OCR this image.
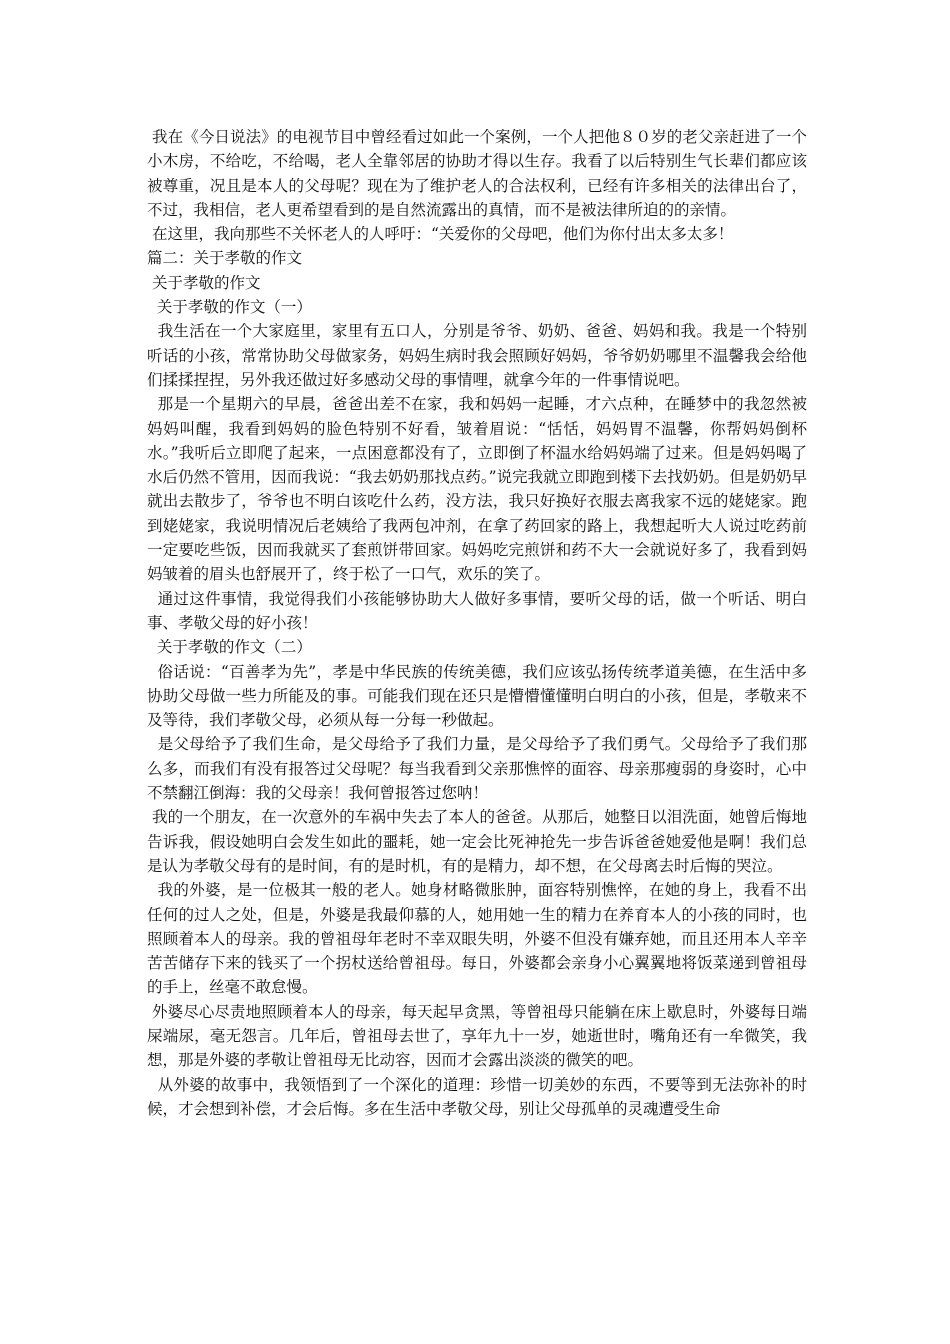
我在《今日说法》的电视节目中曾经看过如此一个案例，一个人把他８０岁的老父亲赶进了一个小木房，不给吃，不给喝，老人全靠邻居的协助才得以生存。我看了以后特别生气长辈们都应该被尊重，况且是本人的父母呢？现在为了维护老人的合法权利，已经有许多相关的法律出台了，不过，我相信，老人更希望看到的是自然流露出的真情，而不是被法律所迫的的亲情。

在这里，我向那些不关怀老人的人呼吁：“关爱你的父母吧，他们为你付出太多太多！

篇二：关于孝敬的作文

关于孝敬的作文

关于孝敬的作文（一）

我生活在一个大家庭里，家里有五口人，分别是爷爷、奶奶、爸爸、妈妈和我。我是一个特别听话的小孩，常常协助父母做家务，妈妈生病时我会照顾好妈妈，爷爷奶奶哪里不温馨我会给他们揉揉捏捏，另外我还做过好多感动父母的事情哩，就拿今年的一件事情说吧。

那是一个星期六的早晨，爸爸出差不在家，我和妈妈一起睡，才六点种，在睡梦中的我忽然被妈妈叫醒，我看到妈妈的脸色特别不好看，皱着眉说：“恬恬，妈妈胃不温馨，你帮妈妈倒杯水。”我听后立即爬了起来，一点困意都没有了，立即倒了杯温水给妈妈端了过来。但是妈妈喝了水后仍然不管用，因而我说：“我去奶奶那找点药。”说完我就立即跑到楼下去找奶奶。但是奶奶早就出去散步了，爷爷也不明白该吃什么药，没方法，我只好换好衣服去离我家不远的姥姥家。跑到姥姥家，我说明情况后老姨给了我两包冲剂，在拿了药回家的路上，我想起听大人说过吃药前一定要吃些饭，因而我就买了套煎饼带回家。妈妈吃完煎饼和药不大一会就说好多了，我看到妈妈皱着的眉头也舒展开了，终于松了一口气，欢乐的笑了。

通过这件事情，我觉得我们小孩能够协助大人做好多事情，要听父母的话，做一个听话、明白事、孝敬父母的好小孩！

关于孝敬的作文（二）

俗话说：“百善孝为先”，孝是中华民族的传统美德，我们应该弘扬传统孝道美德，在生活中多协助父母做一些力所能及的事。可能我们现在还只是懵懵懂懂明白明白的小孩，但是，孝敬来不及等待，我们孝敬父母，必须从每一分每一秒做起。

是父母给予了我们生命，是父母给予了我们力量，是父母给予了我们勇气。父母给予了我们那么多，而我们有没有报答过父母呢？每当我看到父亲那憔悴的面容、母亲那瘦弱的身姿时，心中不禁翻江倒海：我的父母亲！我何曾报答过您呐！

我的一个朋友，在一次意外的车祸中失去了本人的爸爸。从那后，她整日以泪洗面，她曾后悔地告诉我，假设她明白会发生如此的噩耗，她一定会比死神抢先一步告诉爸爸她爱他是啊！我们总是认为孝敬父母有的是时间，有的是时机，有的是精力，却不想，在父母离去时后悔的哭泣。

我的外婆，是一位极其一般的老人。她身材略微胀肿，面容特别憔悴，在她的身上，我看不出任何的过人之处，但是，外婆是我最仰慕的人，她用她一生的精力在养育本人的小孩的同时，也照顾着本人的母亲。我的曾祖母年老时不幸双眼失明，外婆不但没有嫌弃她，而且还用本人辛辛苦苦储存下来的钱买了一个拐杖送给曾祖母。每日，外婆都会亲身小心翼翼地将饭菜递到曾祖母的手上，丝毫不敢怠慢。

外婆尽心尽责地照顾着本人的母亲，每天起早贪黑，等曾祖母只能躺在床上歇息时，外婆每日端屎端尿，毫无怨言。几年后，曾祖母去世了，享年九十一岁，她逝世时，嘴角还有一牟微笑，我想，那是外婆的孝敬让曾祖母无比动容，因而才会露出淡淡的微笑的吧。

从外婆的故事中，我领悟到了一个深化的道理：珍惜一切美妙的东西，不要等到无法弥补的时候，才会想到补偿，才会后悔。多在生活中孝敬父母，别让父母孤单的灵魂遭受生命
